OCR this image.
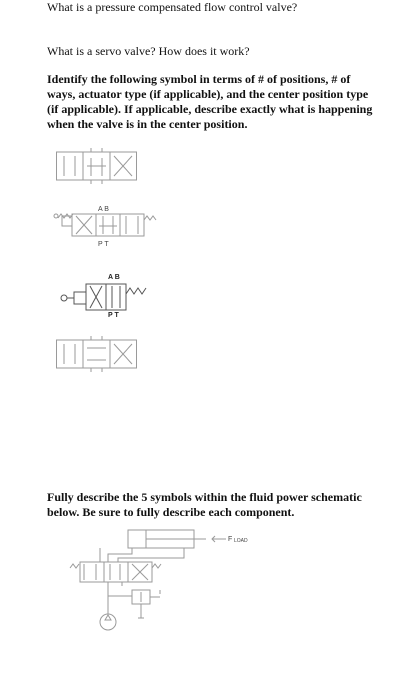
What is a pressure compensated flow control valve?
What is a servo valve? How does it work?
Identify the following symbol in terms of # of positions, # of ways, actuator type (if applicable), and the center position type (if applicable). If applicable, describe exactly what is happening when the valve is in the center position.
A B
P T
A B
P T
Fully describe the 5 symbols within the fluid power schematic below. Be sure to fully describe each component.
F LOAD
